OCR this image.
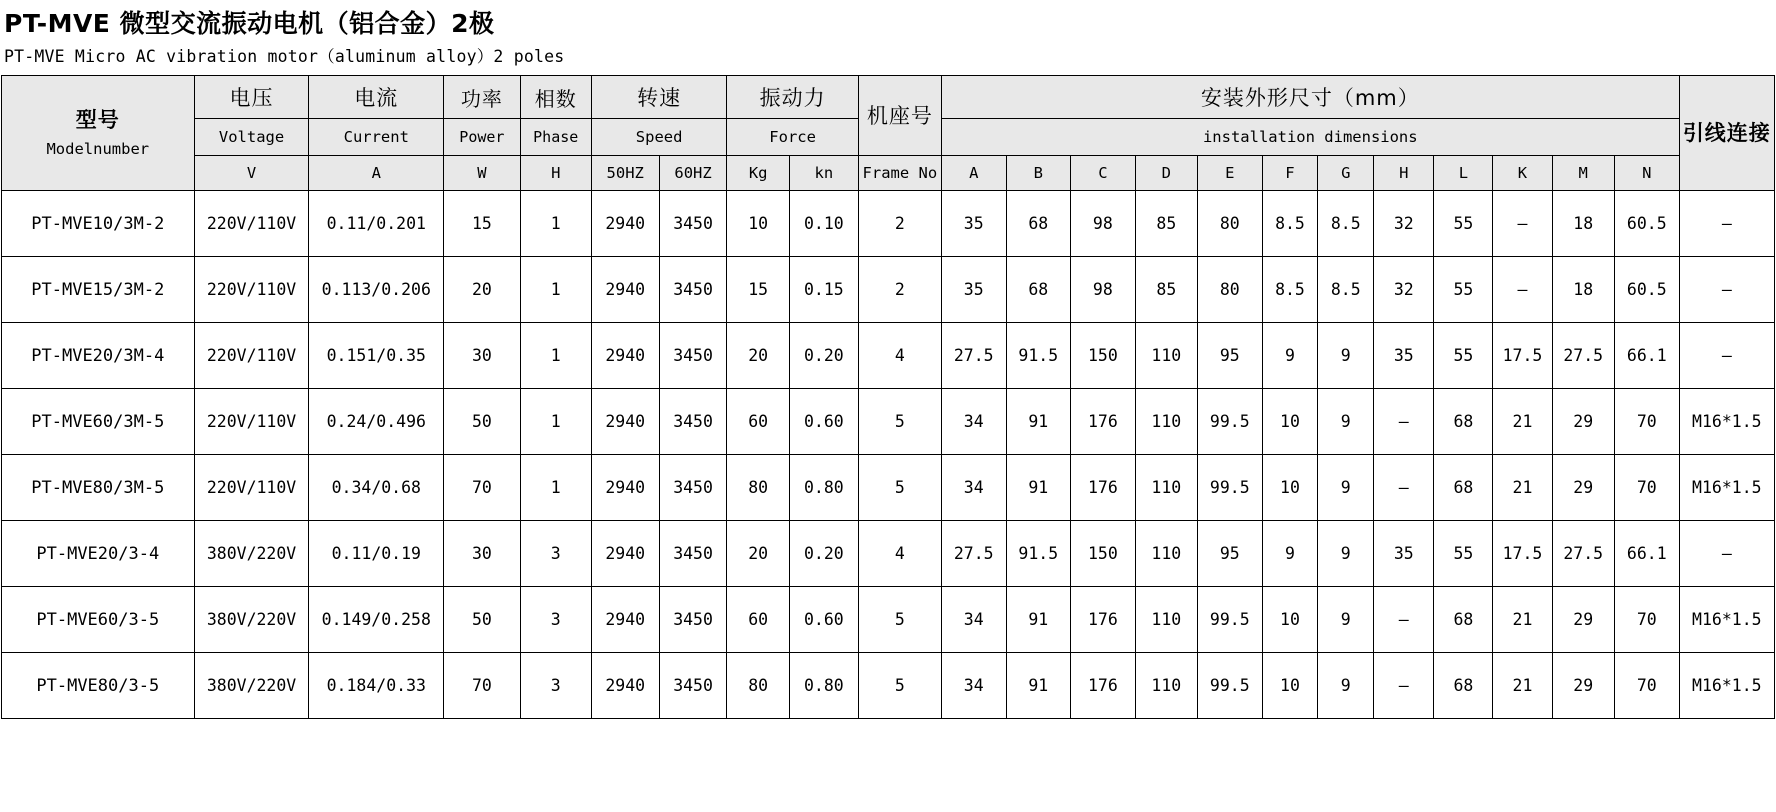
PT-MVE 微型交流振动电机（铝合金）2极
PT-MVE Micro AC vibration motor（aluminum alloy）2 poles
型号
Modelnumber	电压	电流	功率	相数	转速		振动力		机座号	安装外形尺寸（mm）												引线连接

	Voltage	Current	Power	Phase	Speed		Force			installation dimensions												
	V	A	W	H	50HZ	60HZ	Kg	kn	Frame No	A	B	C	D	E	F	G	H	L	K	M	N	
PT-MVE10/3M-2	220V/110V	0.11/0.201	15	1	2940	3450	10	0.10	2	35	68	98	85	80	8.5	8.5	32	55	–	18	60.5	–
PT-MVE15/3M-2	220V/110V	0.113/0.206	20	1	2940	3450	15	0.15	2	35	68	98	85	80	8.5	8.5	32	55	–	18	60.5	–
PT-MVE20/3M-4	220V/110V	0.151/0.35	30	1	2940	3450	20	0.20	4	27.5	91.5	150	110	95	9	9	35	55	17.5	27.5	66.1	–
PT-MVE60/3M-5	220V/110V	0.24/0.496	50	1	2940	3450	60	0.60	5	34	91	176	110	99.5	10	9	–	68	21	29	70	M16*1.5
PT-MVE80/3M-5	220V/110V	0.34/0.68	70	1	2940	3450	80	0.80	5	34	91	176	110	99.5	10	9	–	68	21	29	70	M16*1.5
PT-MVE20/3-4	380V/220V	0.11/0.19	30	3	2940	3450	20	0.20	4	27.5	91.5	150	110	95	9	9	35	55	17.5	27.5	66.1	–
PT-MVE60/3-5	380V/220V	0.149/0.258	50	3	2940	3450	60	0.60	5	34	91	176	110	99.5	10	9	–	68	21	29	70	M16*1.5
PT-MVE80/3-5	380V/220V	0.184/0.33	70	3	2940	3450	80	0.80	5	34	91	176	110	99.5	10	9	–	68	21	29	70	M16*1.5
